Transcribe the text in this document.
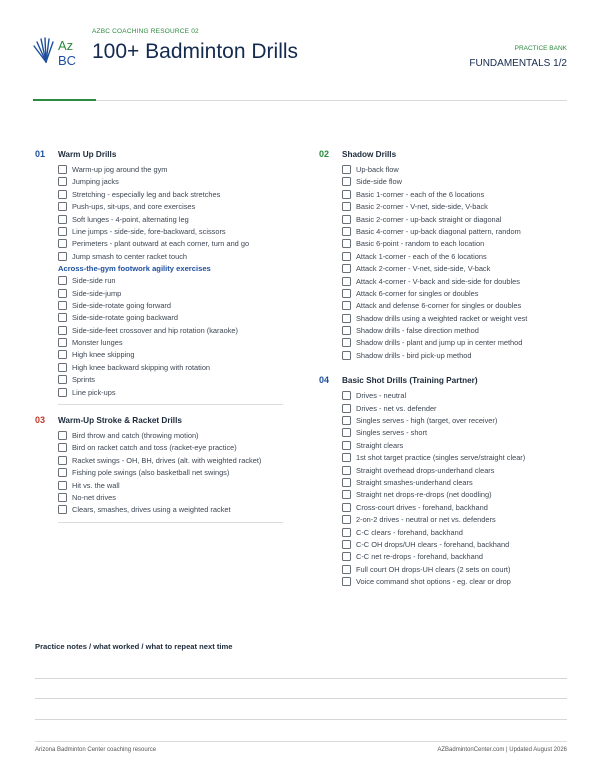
Az
BC
AZBC COACHING RESOURCE 02
100+ Badminton Drills	PRACTICE BANK
FUNDAMENTALS 1/2
01	Warm Up Drills
Warm-up jog around the gym
Jumping jacks
Stretching - especially leg and back stretches
Push-ups, sit-ups, and core exercises
Soft lunges - 4-point, alternating leg
Line jumps - side-side, fore-backward, scissors
Perimeters - plant outward at each corner, turn and go
Jump smash to center racket touch
Across-the-gym footwork agility exercises
Side-side run
Side-side-jump
Side-side-rotate going forward
Side-side-rotate going backward
Side-side-feet crossover and hip rotation (karaoke)
Monster lunges
High knee skipping
High knee backward skipping with rotation
Sprints
Line pick-ups
03	Warm-Up Stroke & Racket Drills
Bird throw and catch (throwing motion)
Bird on racket catch and toss (racket-eye practice)
Racket swings - OH, BH, drives (alt. with weighted racket)
Fishing pole swings (also basketball net swings)
Hit vs. the wall
No-net drives
Clears, smashes, drives using a weighted racket
02	Shadow Drills
Up-back flow
Side-side flow
Basic 1-corner - each of the 6 locations
Basic 2-corner - V-net, side-side, V-back
Basic 2-corner - up-back straight or diagonal
Basic 4-corner - up-back diagonal pattern, random
Basic 6-point - random to each location
Attack 1-corner - each of the 6 locations
Attack 2-corner - V-net, side-side, V-back
Attack 4-corner - V-back and side-side for doubles
Attack 6-corner for singles or doubles
Attack and defense 6-corner for singles or doubles
Shadow drills using a weighted racket or weight vest
Shadow drills - false direction method
Shadow drills - plant and jump up in center method
Shadow drills - bird pick-up method
04	Basic Shot Drills (Training Partner)
Drives - neutral
Drives - net vs. defender
Singles serves - high (target, over receiver)
Singles serves - short
Straight clears
1st shot target practice (singles serve/straight clear)
Straight overhead drops-underhand clears
Straight smashes-underhand clears
Straight net drops-re-drops (net doodling)
Cross-court drives - forehand, backhand
2-on-2 drives - neutral or net vs. defenders
C-C clears - forehand, backhand
C-C OH drops/UH clears - forehand, backhand
C-C net re-drops - forehand, backhand
Full court OH drops-UH clears (2 sets on court)
Voice command shot options - eg. clear or drop
Practice notes / what worked / what to repeat next time
Arizona Badminton Center coaching resource	AZBadmintonCenter.com | Updated August 2026
